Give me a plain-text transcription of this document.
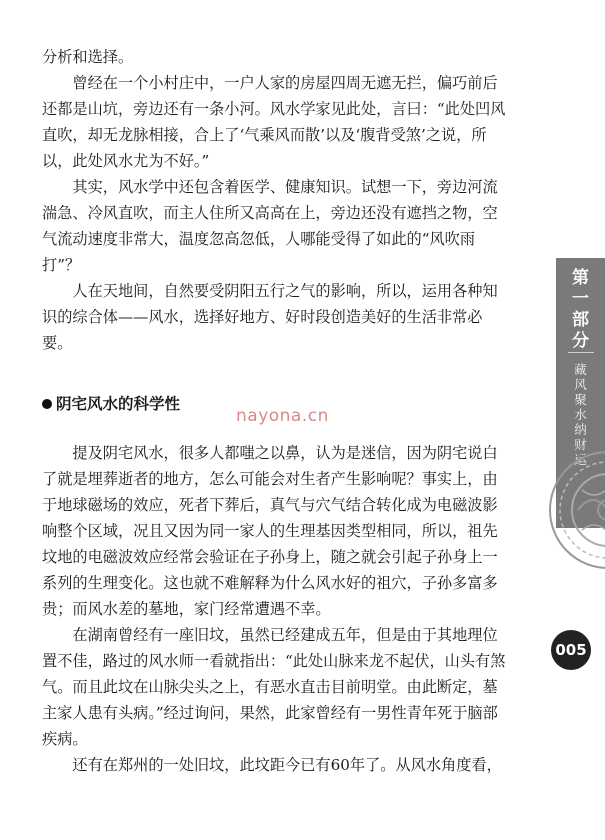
分析和选择。

曾经在一个小村庄中，一户人家的房屋四周无遮无拦，偏巧前后还都是山坑，旁边还有一条小河。风水学家见此处，言曰：“此处凹风直吹，却无龙脉相接，合上了‘气乘风而散’以及‘腹背受煞’之说，所以，此处风水尤为不好。”

其实，风水学中还包含着医学、健康知识。试想一下，旁边河流湍急、冷风直吹，而主人住所又高高在上，旁边还没有遮挡之物，空气流动速度非常大，温度忽高忽低，人哪能受得了如此的“风吹雨打”？

人在天地间，自然要受阴阳五行之气的影响，所以，运用各种知识的综合体——风水，选择好地方、好时段创造美好的生活非常必要。

阴宅风水的科学性
nayona.cn

提及阴宅风水，很多人都嗤之以鼻，认为是迷信，因为阴宅说白了就是埋葬逝者的地方，怎么可能会对生者产生影响呢？事实上，由于地球磁场的效应，死者下葬后，真气与穴气结合转化成为电磁波影响整个区域，况且又因为同一家人的生理基因类型相同，所以，祖先坟地的电磁波效应经常会验证在子孙身上，随之就会引起子孙身上一系列的生理变化。这也就不难解释为什么风水好的祖穴，子孙多富多贵；而风水差的墓地，家门经常遭遇不幸。

在湖南曾经有一座旧坟，虽然已经建成五年，但是由于其地理位置不佳，路过的风水师一看就指出：“此处山脉来龙不起伏，山头有煞气。而且此坟在山脉尖头之上，有恶水直击目前明堂。由此断定，墓主家人患有头病。”经过询问，果然，此家曾经有一男性青年死于脑部疾病。

还有在郑州的一处旧坟，此坟距今已有60年了。从风水角度看，

第
一
部
分
藏
风
聚
水
纳
财
运
005
